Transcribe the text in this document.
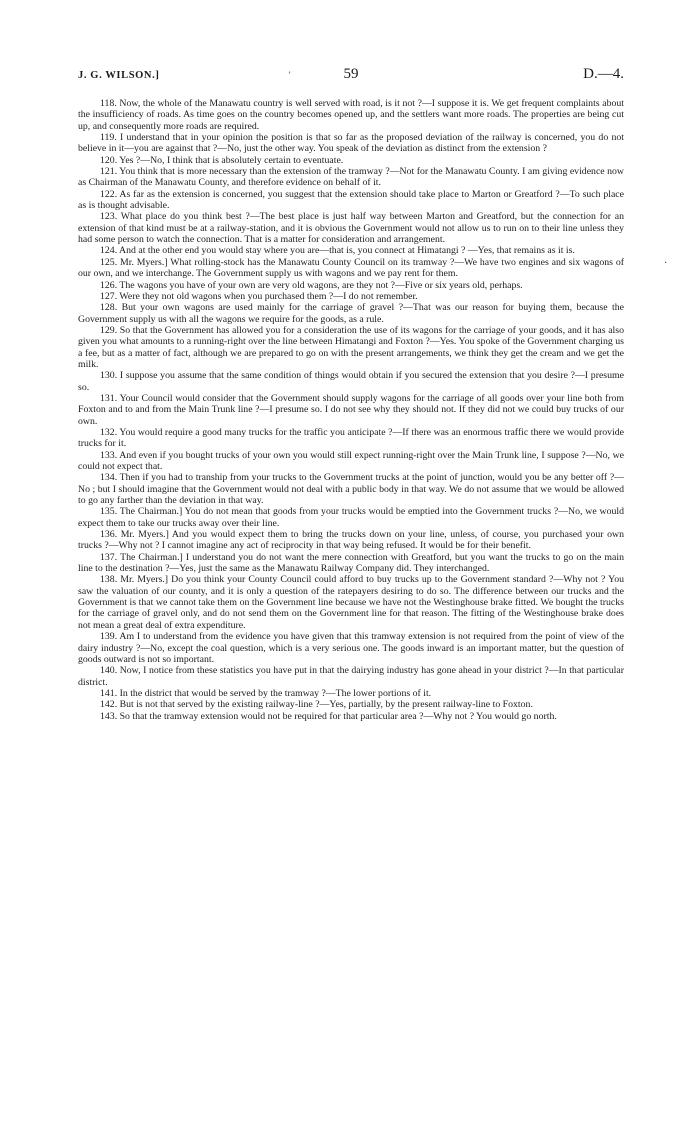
J. G. WILSON.]	’	59	D.—4.

118. Now, the whole of the Manawatu country is well served with road, is it not ?—I suppose it is. We get frequent complaints about the insufficiency of roads. As time goes on the country becomes opened up, and the settlers want more roads. The properties are being cut up, and consequently more roads are required.

119. I understand that in your opinion the position is that so far as the proposed deviation of the railway is concerned, you do not believe in it—you are against that ?—No, just the other way. You speak of the deviation as distinct from the extension ?

120. Yes ?—No, I think that is absolutely certain to eventuate.

121. You think that is more necessary than the extension of the tramway ?—Not for the Manawatu County. I am giving evidence now as Chairman of the Manawatu County, and therefore evidence on behalf of it.

122. As far as the extension is concerned, you suggest that the extension should take place to Marton or Greatford ?—To such place as is thought advisable.

123. What place do you think best ?—The best place is just half way between Marton and Greatford, but the connection for an extension of that kind must be at a railway-station, and it is obvious the Government would not allow us to run on to their line unless they had some person to watch the connection. That is a matter for consideration and arrangement.

124. And at the other end you would stay where you are—that is, you connect at Himatangi ? —Yes, that remains as it is.

125. Mr. Myers.] What rolling-stock has the Manawatu County Council on its tramway ?—We have two engines and six wagons of our own, and we interchange. The Government supply us with wagons and we pay rent for them.

126. The wagons you have of your own are very old wagons, are they not ?—Five or six years old, perhaps.

127. Were they not old wagons when you purchased them ?—I do not remember.

128. But your own wagons are used mainly for the carriage of gravel ?—That was our reason for buying them, because the Government supply us with all the wagons we require for the goods, as a rule.

129. So that the Government has allowed you for a consideration the use of its wagons for the carriage of your goods, and it has also given you what amounts to a running-right over the line between Himatangi and Foxton ?—Yes. You spoke of the Government charging us a fee, but as a matter of fact, although we are prepared to go on with the present arrangements, we think they get the cream and we get the milk.

130. I suppose you assume that the same condition of things would obtain if you secured the extension that you desire ?—I presume so.

131. Your Council would consider that the Government should supply wagons for the carriage of all goods over your line both from Foxton and to and from the Main Trunk line ?—I presume so. I do not see why they should not. If they did not we could buy trucks of our own.

132. You would require a good many trucks for the traffic you anticipate ?—If there was an enormous traffic there we would provide trucks for it.

133. And even if you bought trucks of your own you would still expect running-right over the Main Trunk line, I suppose ?—No, we could not expect that.

134. Then if you had to tranship from your trucks to the Government trucks at the point of junction, would you be any better off ?—No ; but I should imagine that the Government would not deal with a public body in that way. We do not assume that we would be allowed to go any farther than the deviation in that way.

135. The Chairman.] You do not mean that goods from your trucks would be emptied into the Government trucks ?—No, we would expect them to take our trucks away over their line.

136. Mr. Myers.] And you would expect them to bring the trucks down on your line, unless, of course, you purchased your own trucks ?—Why not ? I cannot imagine any act of reciprocity in that way being refused. It would be for their benefit.

137. The Chairman.] I understand you do not want the mere connection with Greatford, but you want the trucks to go on the main line to the destination ?—Yes, just the same as the Manawatu Railway Company did. They interchanged.

138. Mr. Myers.] Do you think your County Council could afford to buy trucks up to the Government standard ?—Why not ? You saw the valuation of our county, and it is only a question of the ratepayers desiring to do so. The difference between our trucks and the Government is that we cannot take them on the Government line because we have not the Westinghouse brake fitted. We bought the trucks for the carriage of gravel only, and do not send them on the Government line for that reason. The fitting of the Westinghouse brake does not mean a great deal of extra expenditure.

139. Am I to understand from the evidence you have given that this tramway extension is not required from the point of view of the dairy industry ?—No, except the coal question, which is a very serious one. The goods inward is an important matter, but the question of goods outward is not so important.

140. Now, I notice from these statistics you have put in that the dairying industry has gone ahead in your district ?—In that particular district.

141. In the district that would be served by the tramway ?—The lower portions of it.

142. But is not that served by the existing railway-line ?—Yes, partially, by the present railway-line to Foxton.

143. So that the tramway extension would not be required for that particular area ?—Why not ? You would go north.

·
